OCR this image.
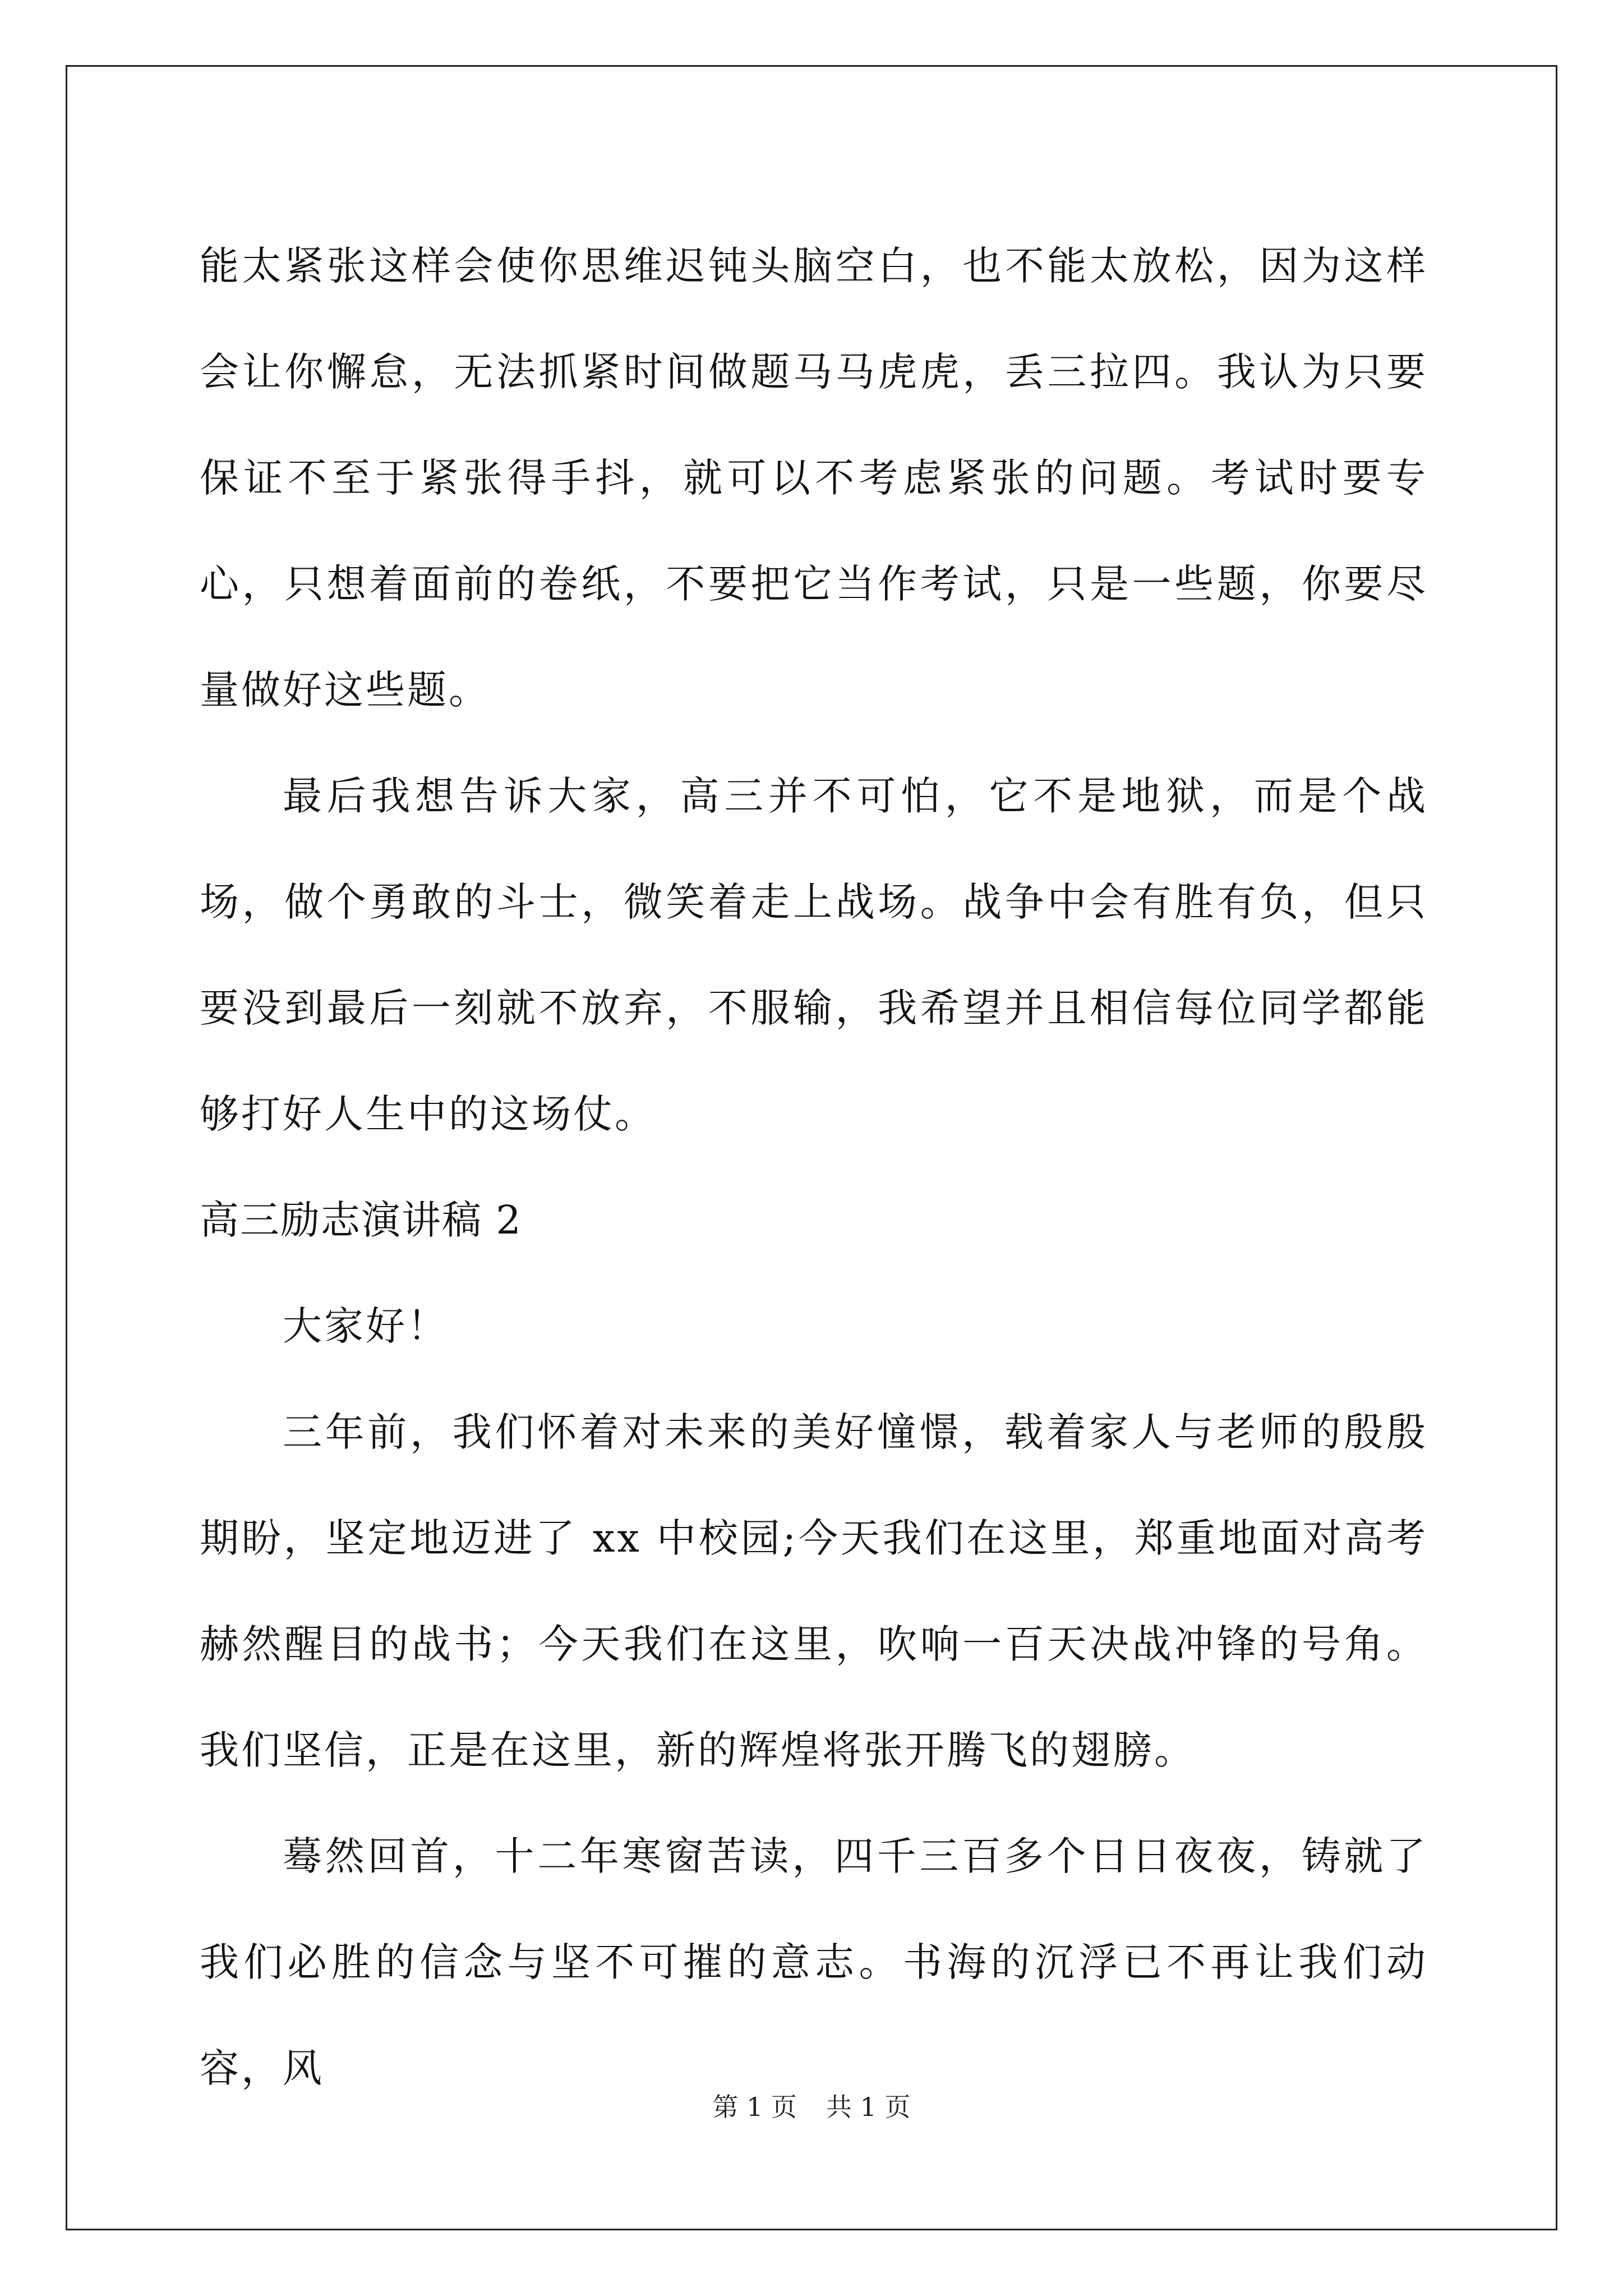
能太紧张这样会使你思维迟钝头脑空白，也不能太放松，因为这样会让你懈怠，无法抓紧时间做题马马虎虎，丢三拉四。我认为只要保证不至于紧张得手抖，就可以不考虑紧张的问题。考试时要专心，只想着面前的卷纸，不要把它当作考试，只是一些题，你要尽量做好这些题。

最后我想告诉大家，高三并不可怕，它不是地狱，而是个战场，做个勇敢的斗士，微笑着走上战场。战争中会有胜有负，但只要没到最后一刻就不放弃，不服输，我希望并且相信每位同学都能够打好人生中的这场仗。

高三励志演讲稿 2

大家好！

三年前，我们怀着对未来的美好憧憬，载着家人与老师的殷殷期盼，坚定地迈进了 xx 中校园;今天我们在这里，郑重地面对高考赫然醒目的战书；今天我们在这里，吹响一百天决战冲锋的号角。我们坚信，正是在这里，新的辉煌将张开腾飞的翅膀。

蓦然回首，十二年寒窗苦读，四千三百多个日日夜夜，铸就了我们必胜的信念与坚不可摧的意志。书海的沉浮已不再让我们动容，风

第 1 页 共 1 页
